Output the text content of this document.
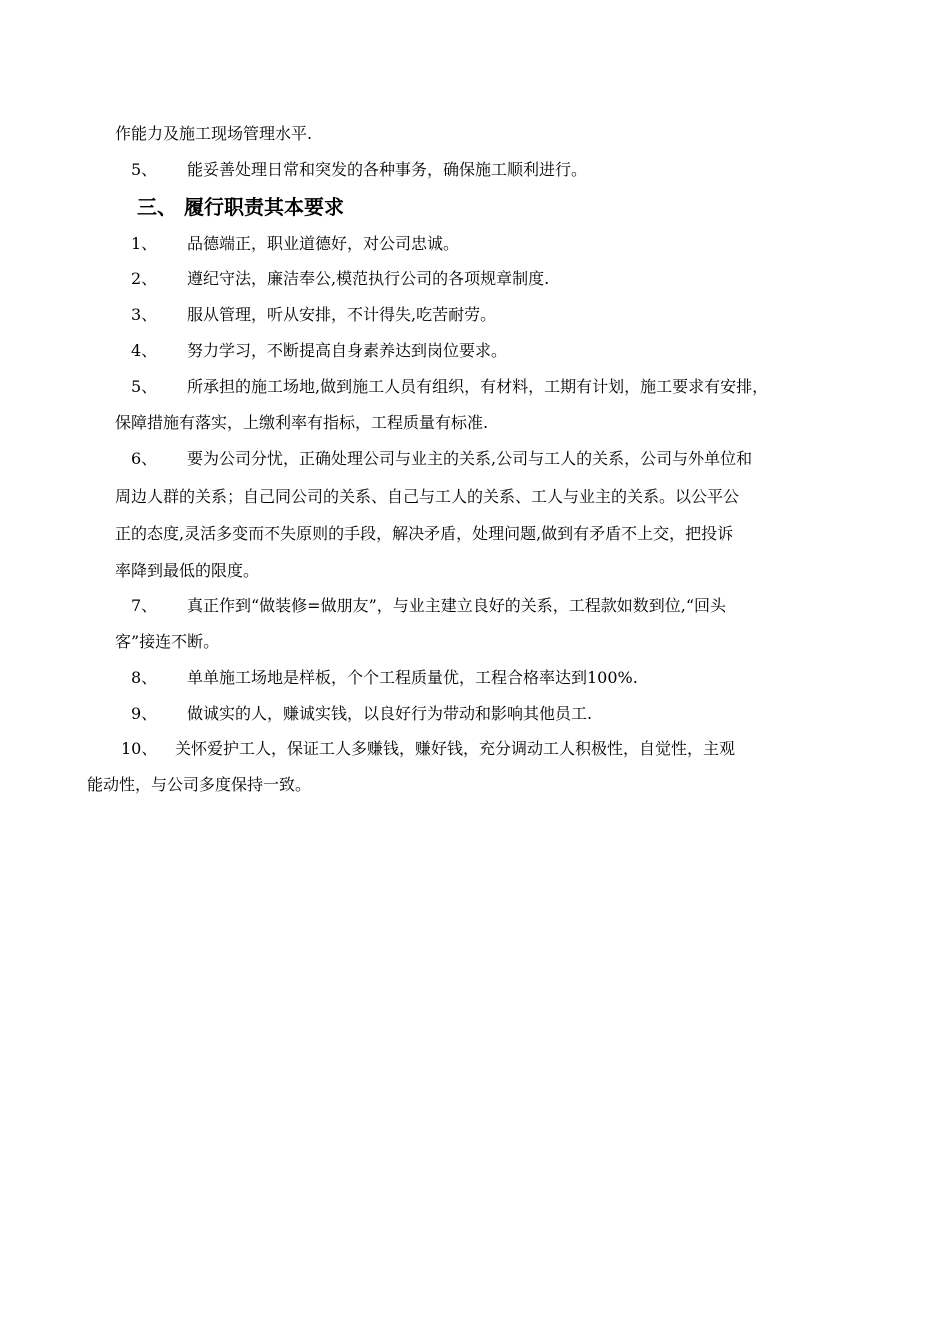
作能力及施工现场管理水平.
5、 能妥善处理日常和突发的各种事务，确保施工顺利进行。
三、 履行职责其本要求
1、 品德端正，职业道德好，对公司忠诚。
2、 遵纪守法，廉洁奉公,模范执行公司的各项规章制度.
3、 服从管理，听从安排，不计得失,吃苦耐劳。
4、 努力学习，不断提高自身素养达到岗位要求。
5、 所承担的施工场地,做到施工人员有组织，有材料，工期有计划，施工要求有安排，
保障措施有落实，上缴利率有指标，工程质量有标准.
6、 要为公司分忧，正确处理公司与业主的关系,公司与工人的关系，公司与外单位和
周边人群的关系；自己同公司的关系、自己与工人的关系、工人与业主的关系。以公平公
正的态度,灵活多变而不失原则的手段，解决矛盾，处理问题,做到有矛盾不上交，把投诉
率降到最低的限度。
7、 真正作到“做装修=做朋友”，与业主建立良好的关系，工程款如数到位,“回头
客”接连不断。
8、 单单施工场地是样板，个个工程质量优，工程合格率达到100%.
9、 做诚实的人，赚诚实钱，以良好行为带动和影响其他员工.
10、 关怀爱护工人，保证工人多赚钱，赚好钱，充分调动工人积极性，自觉性，主观
能动性，与公司多度保持一致。
